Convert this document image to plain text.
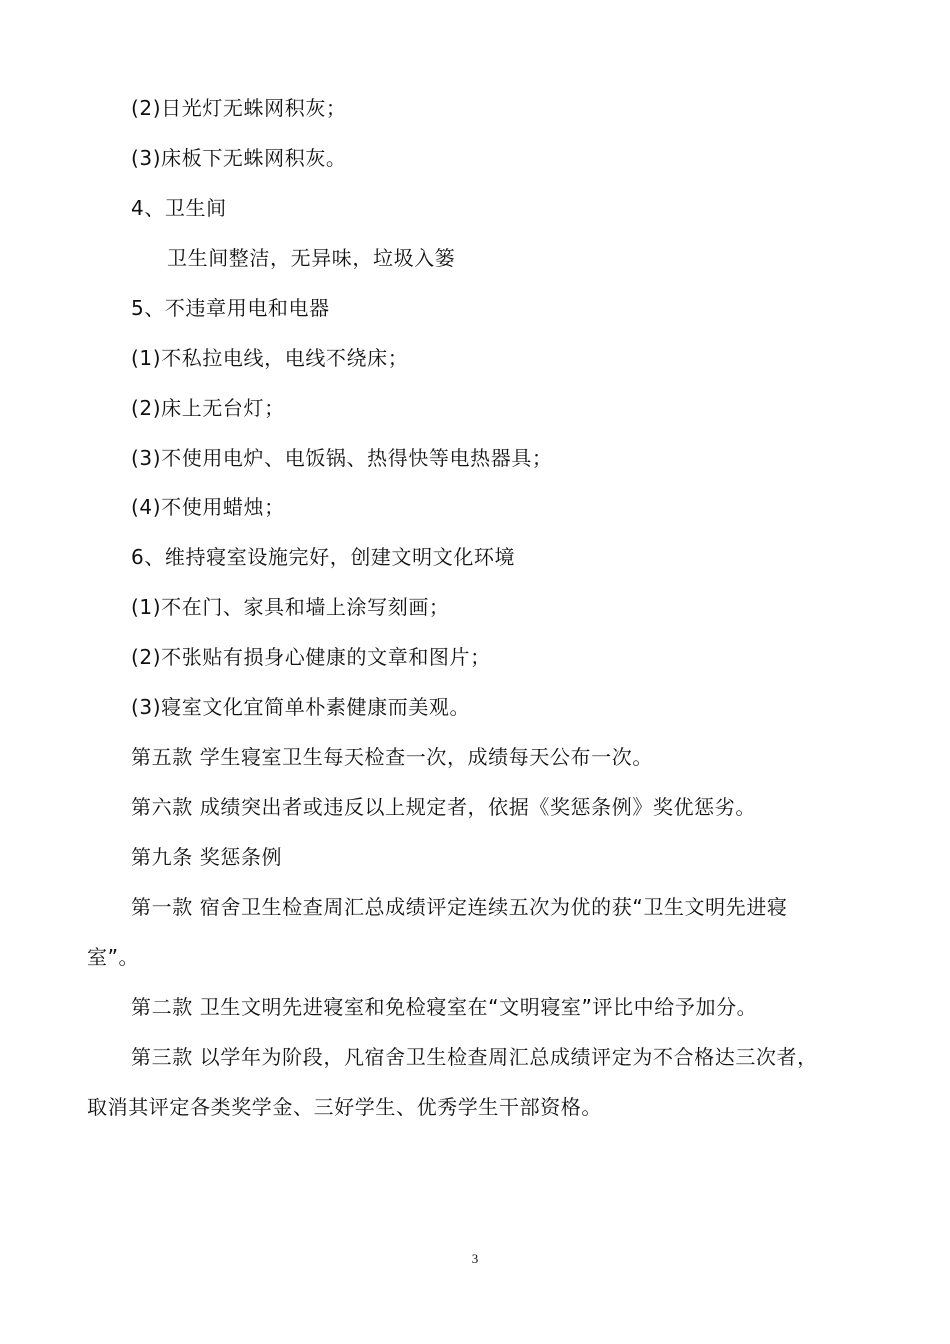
(2)日光灯无蛛网积灰；
(3)床板下无蛛网积灰。
4、卫生间
卫生间整洁，无异味，垃圾入篓
5、不违章用电和电器
(1)不私拉电线，电线不绕床；
(2)床上无台灯；
(3)不使用电炉、电饭锅、热得快等电热器具；
(4)不使用蜡烛；
6、维持寝室设施完好，创建文明文化环境
(1)不在门、家具和墙上涂写刻画；
(2)不张贴有损身心健康的文章和图片；
(3)寝室文化宜简单朴素健康而美观。
第五款 学生寝室卫生每天检查一次，成绩每天公布一次。
第六款 成绩突出者或违反以上规定者，依据《奖惩条例》奖优惩劣。
第九条 奖惩条例
第一款 宿舍卫生检查周汇总成绩评定连续五次为优的获“卫生文明先进寝
室”。
第二款 卫生文明先进寝室和免检寝室在“文明寝室”评比中给予加分。
第三款 以学年为阶段，凡宿舍卫生检查周汇总成绩评定为不合格达三次者，
取消其评定各类奖学金、三好学生、优秀学生干部资格。
3
